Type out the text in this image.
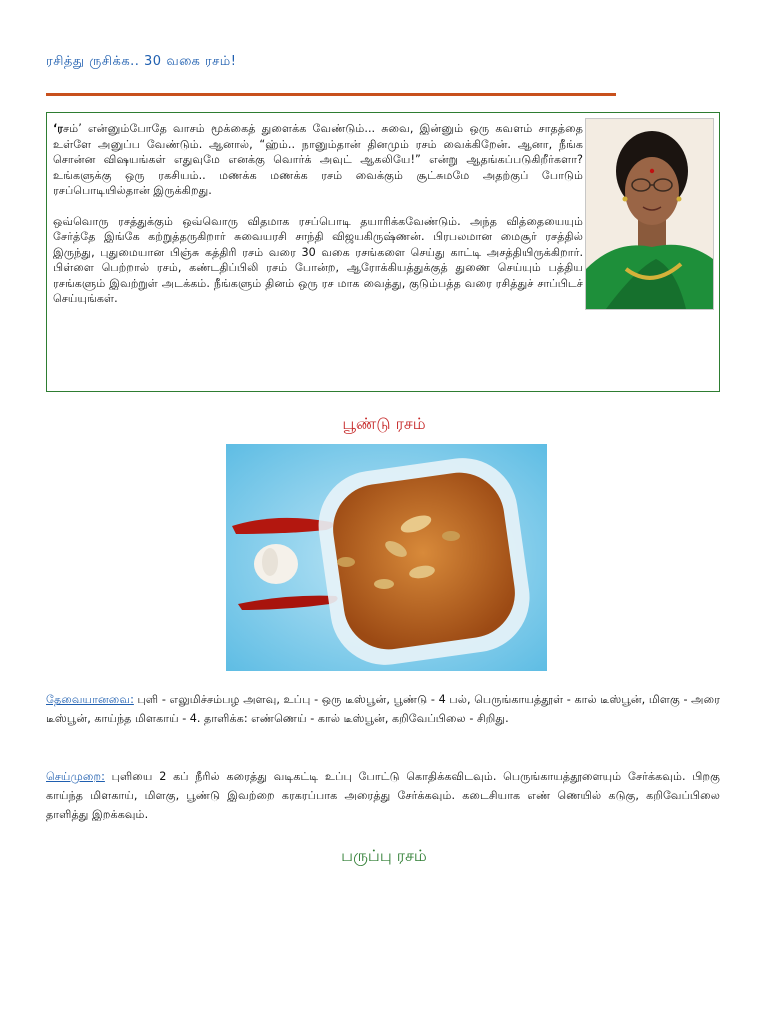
ரசித்து ருசிக்க.. 30 வகை ரசம்!

‘ரசம்’ என்னும்போதே வாசம் மூக்கைத் துளைக்க வேண்டும்... சுவை, இன்னும் ஒரு கவளம் சாதத்தை உள்ளே அனுப்ப வேண்டும். ஆனால், “ஹ்ம்.. நானும்தான் தினமும் ரசம் வைக்கிறேன். ஆனா, நீங்க சொன்ன விஷயங்கள் எதுவுமே எனக்கு வொர்க் அவுட் ஆகலியே!” என்று ஆதங்கப்படுகிறீர்களா? உங்களுக்கு ஒரு ரகசியம்.. மணக்க மணக்க ரசம் வைக்கும் சூட்சுமமே அதற்குப் போடும் ரசப்பொடியில்தான் இருக்கிறது.

ஒவ்வொரு ரசத்துக்கும் ஒவ்வொரு விதமாக ரசப்பொடி தயாரிக்கவேண்டும். அந்த வித்தையையும் சேர்த்தே இங்கே கற்றுத்தருகிறார் சுவையரசி சாந்தி விஜயகிருஷ்ணன். பிரபலமான மைசூர் ரசத்தில் இருந்து, புதுமையான பிஞ்சு கத்திரி ரசம் வரை 30 வகை ரசங்களை செய்து காட்டி அசத்தியிருக்கிறார். பிள்ளை பெற்றால் ரசம், கண்டதிப்பிலி ரசம் போன்ற, ஆரோக்கியத்துக்குத் துணை செய்யும் பத்திய ரசங்களும் இவற்றுள் அடக்கம். நீங்களும் தினம் ஒரு ரச மாக வைத்து, குடும்பத்த வரை ரசித்துச் சாப்பிடச் செய்யுங்கள்.

பூண்டு ரசம்
தேவையானவை: புளி - எலுமிச்சம்பழ அளவு, உப்பு - ஒரு டீஸ்பூன், பூண்டு - 4 பல், பெருங்காயத்தூள் - கால் டீஸ்பூன், மிளகு - அரை டீஸ்பூன், காய்ந்த மிளகாய் - 4. தாளிக்க: எண்ணெய் - கால் டீஸ்பூன், கறிவேப்பிலை - சிறிது.
செய்முறை: புளியை 2 கப் நீரில் கரைத்து வடிகட்டி உப்பு போட்டு கொதிக்கவிடவும். பெருங்காயத்தூளையும் சேர்க்கவும். பிறகு காய்ந்த மிளகாய், மிளகு, பூண்டு இவற்றை கரகரப்பாக அரைத்து சேர்க்கவும். கடைசியாக எண் ணெயில் கடுகு, கறிவேப்பிலை தாளித்து இறக்கவும்.
பருப்பு ரசம்
